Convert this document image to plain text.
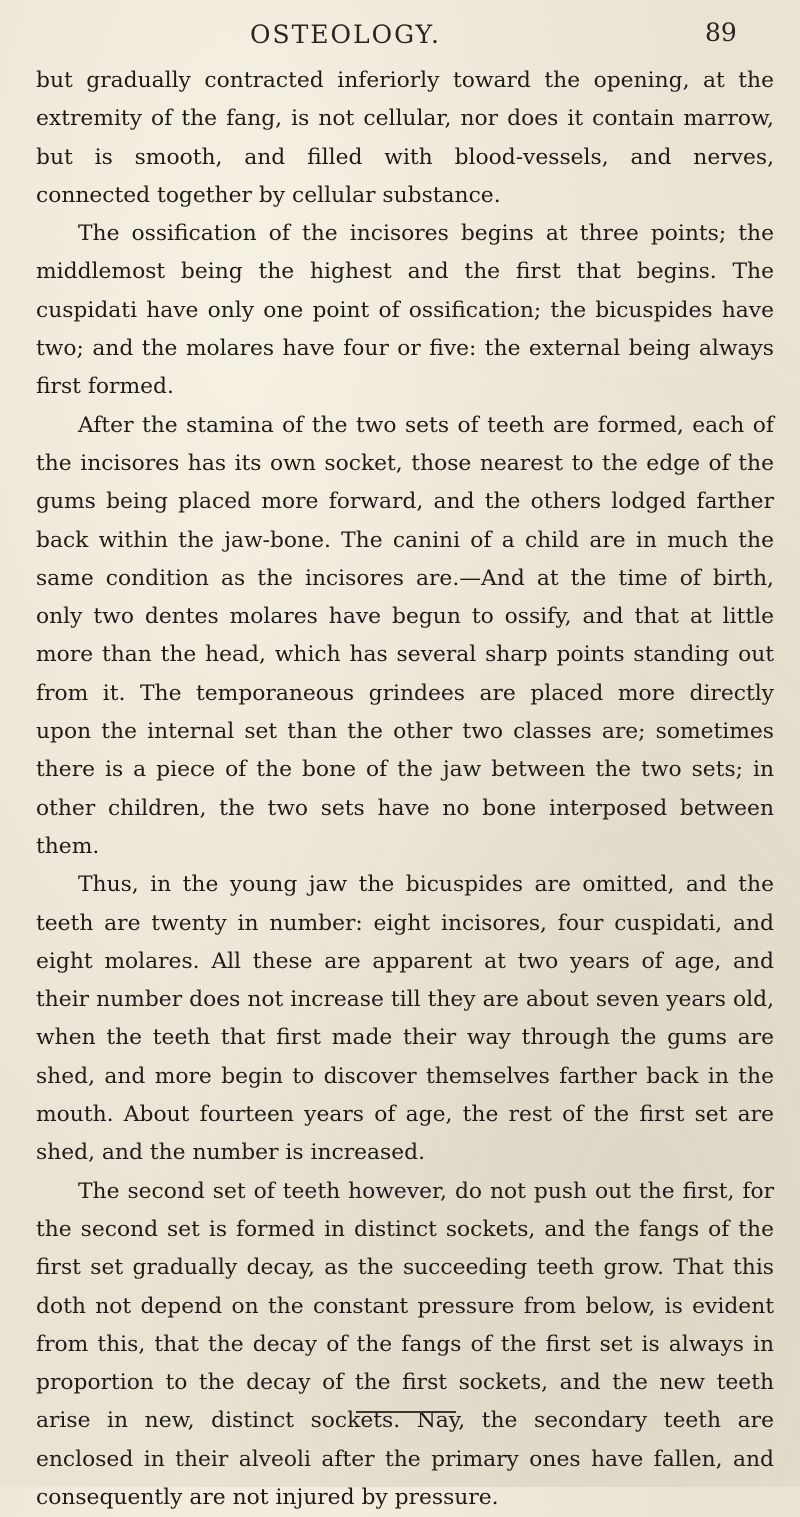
OSTEOLOGY.	89

but gradually contracted inferiorly toward the opening, at the extremity of the fang, is not cellular, nor does it contain marrow, but is smooth, and filled with blood-vessels, and nerves, connected together by cellular substance.

The ossification of the incisores begins at three points; the middlemost being the highest and the first that begins. The cuspidati have only one point of ossification; the bicuspides have two; and the molares have four or five: the external being always first formed.

After the stamina of the two sets of teeth are formed, each of the incisores has its own socket, those nearest to the edge of the gums being placed more forward, and the others lodged farther back within the jaw-bone. The canini of a child are in much the same condition as the incisores are.—And at the time of birth, only two dentes molares have begun to ossify, and that at little more than the head, which has several sharp points standing out from it. The temporaneous grindees are placed more directly upon the internal set than the other two classes are; sometimes there is a piece of the bone of the jaw between the two sets; in other children, the two sets have no bone interposed between them.

Thus, in the young jaw the bicuspides are omitted, and the teeth are twenty in number: eight incisores, four cuspidati, and eight molares. All these are apparent at two years of age, and their number does not increase till they are about seven years old, when the teeth that first made their way through the gums are shed, and more begin to discover themselves farther back in the mouth. About fourteen years of age, the rest of the first set are shed, and the number is increased.

The second set of teeth however, do not push out the first, for the second set is formed in distinct sockets, and the fangs of the first set gradually decay, as the succeeding teeth grow. That this doth not depend on the constant pressure from below, is evident from this, that the decay of the fangs of the first set is always in proportion to the decay of the first sockets, and the new teeth arise in new, distinct sockets. Nay, the secondary teeth are enclosed in their alveoli after the primary ones have fallen, and consequently are not injured by pressure.
